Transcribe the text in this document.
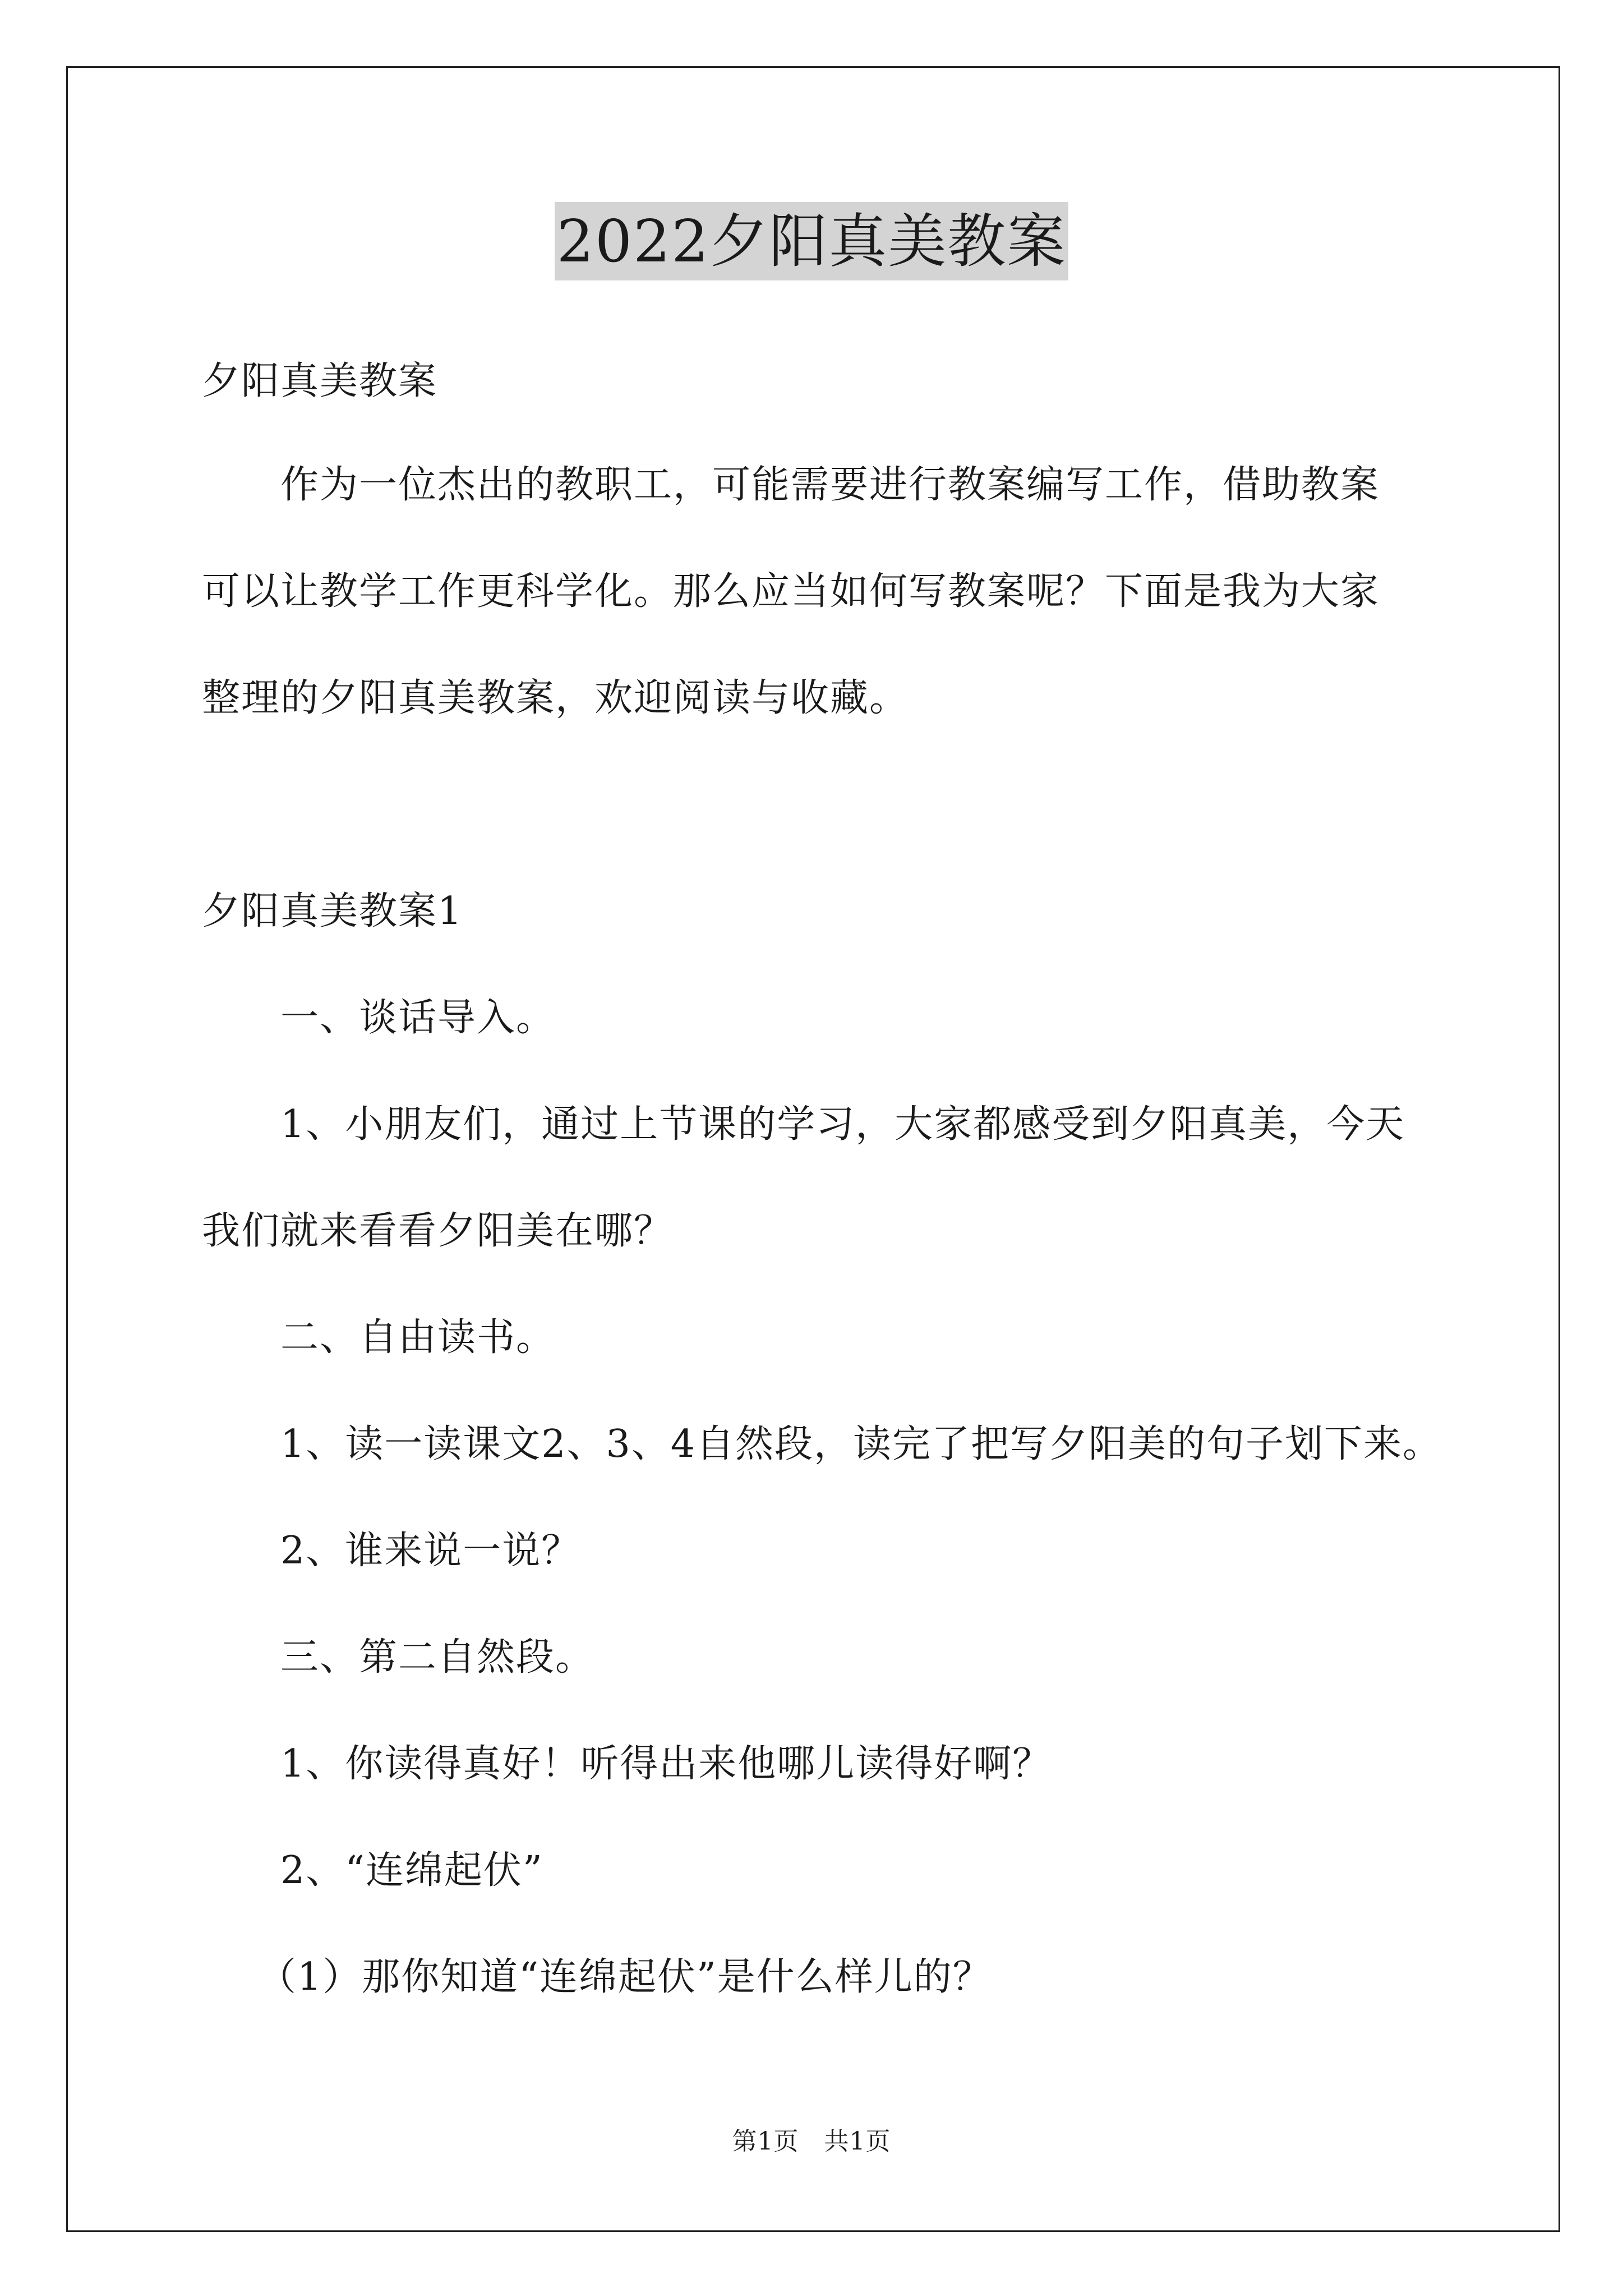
2022夕阳真美教案
夕阳真美教案
作为一位杰出的教职工，可能需要进行教案编写工作，借助教案
可以让教学工作更科学化。那么应当如何写教案呢？下面是我为大家
整理的夕阳真美教案，欢迎阅读与收藏。
夕阳真美教案1
一、谈话导入。
1、小朋友们，通过上节课的学习，大家都感受到夕阳真美，今天
我们就来看看夕阳美在哪？
二、自由读书。
1、读一读课文2、3、4自然段，读完了把写夕阳美的句子划下来。
2、谁来说一说？
三、第二自然段。
1、你读得真好！听得出来他哪儿读得好啊？
2、“连绵起伏”
（1）那你知道“连绵起伏”是什么样儿的？
第1页　共1页
